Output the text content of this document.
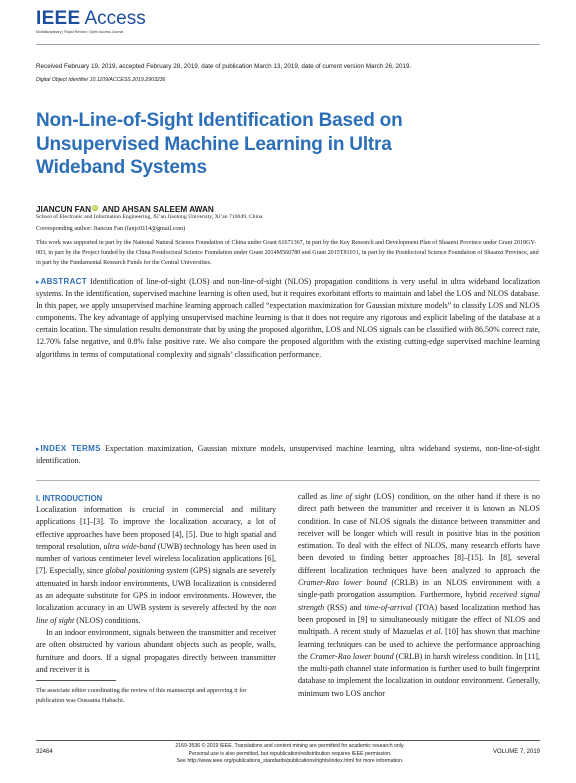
IEEE Access
Multidisciplinary | Rapid Review | Open Access Journal
Received February 19, 2019, accepted February 28, 2019, date of publication March 13, 2019, date of current version March 26, 2019.
Digital Object Identifier 10.1109/ACCESS.2019.2903236
Non-Line-of-Sight Identification Based on Unsupervised Machine Learning in Ultra Wideband Systems
JIANCUN FAN iD AND AHSAN SALEEM AWAN
School of Electronic and Information Engineering, Xi’an Jiaotong University, Xi’an 710049, China
Corresponding author: Jiancun Fan (fanjc0114@gmail.com)
This work was supported in part by the National Natural Science Foundation of China under Grant 61671367, in part by the Key Research and Development Plan of Shaanxi Province under Grant 2018GY-003, in part by the Project funded by the China Postdoctoral Science Foundation under Grant 2014M560780 and Grant 2015T81031, in part by the Postdoctoral Science Foundation of Shaanxi Province, and in part by the Fundamental Research Funds for the Central Universities.
▸ABSTRACT Identification of line-of-sight (LOS) and non-line-of-sight (NLOS) propagation conditions is very useful in ultra wideband localization systems. In the identification, supervised machine learning is often used, but it requires exorbitant efforts to maintain and label the LOS and NLOS database. In this paper, we apply unsupervised machine learning approach called “expectation maximization for Gaussian mixture models” to classify LOS and NLOS components. The key advantage of applying unsupervised machine learning is that it does not require any rigorous and explicit labeling of the database at a certain location. The simulation results demonstrate that by using the proposed algorithm, LOS and NLOS signals can be classified with 86.50% correct rate, 12.70% false negative, and 0.8% false positive rate. We also compare the proposed algorithm with the existing cutting-edge supervised machine learning algorithms in terms of computational complexity and signals’ classification performance.
▸INDEX TERMS Expectation maximization, Gaussian mixture models, unsupervised machine learning, ultra wideband systems, non-line-of-sight identification.
I. INTRODUCTION

Localization information is crucial in commercial and military applications [1]–[3]. To improve the localization accuracy, a lot of effective approaches have been proposed [4], [5]. Due to high spatial and temporal resolution, ultra wide-band (UWB) technology has been used in number of various centimeter level wireless localization applications [6], [7]. Especially, since global positioning system (GPS) signals are severely attenuated in harsh indoor environments, UWB localization is considered as an adequate substitute for GPS in indoor environments. However, the localization accuracy in an UWB system is severely affected by the non line of sight (NLOS) conditions.

In an indoor environment, signals between the transmitter and receiver are often obstructed by various abundant objects such as people, walls, furniture and doors. If a signal propagates directly between transmitter and receiver it is

called as line of sight (LOS) condition, on the other hand if there is no direct path between the transmitter and receiver it is known as NLOS condition. In case of NLOS signals the distance between transmitter and receiver will be longer which will result in positive bias in the position estimation. To deal with the effect of NLOS, many research efforts have been devoted to finding better approaches [8]–[15]. In [8], several different localization techniques have been analyzed to approach the Cramer-Rao lower bound (CRLB) in an NLOS environment with a single-path prorogation assumption. Furthermore, hybrid received signal strength (RSS) and time-of-arrival (TOA) based localization method has been proposed in [9] to simultaneously mitigate the effect of NLOS and multipath. A recent study of Mazuelas et al. [10] has shown that machine learning techniques can be used to achieve the performance approaching the Cramer-Rao lower bound (CRLB) in harsh wireless condition. In [11], the multi-path channel state information is further used to built fingerprint database to implement the localization in outdoor environment. Generally, minimum two LOS anchor

The associate editor coordinating the review of this manuscript and approving it for publication was Oussama Habachi.
32464
2169-3536 © 2019 IEEE. Translations and content mining are permitted for academic research only.
Personal use is also permitted, but republication/redistribution requires IEEE permission.
See http://www.ieee.org/publications_standards/publications/rights/index.html for more information.
VOLUME 7, 2019
